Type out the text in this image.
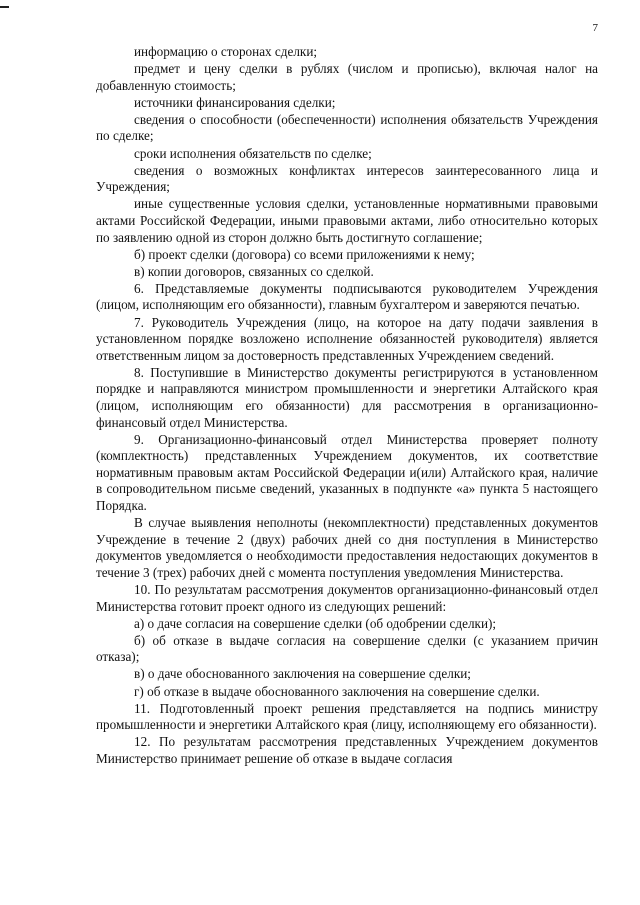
7

информацию о сторонах сделки;

предмет и цену сделки в рублях (числом и прописью), включая налог на добавленную стоимость;

источники финансирования сделки;

сведения о способности (обеспеченности) исполнения обязательств Учреждения по сделке;

сроки исполнения обязательств по сделке;

сведения о возможных конфликтах интересов заинтересованного лица и Учреждения;

иные существенные условия сделки, установленные нормативными правовыми актами Российской Федерации, иными правовыми актами, либо относительно которых по заявлению одной из сторон должно быть достигнуто соглашение;

б) проект сделки (договора) со всеми приложениями к нему;

в) копии договоров, связанных со сделкой.

6. Представляемые документы подписываются руководителем Учреждения (лицом, исполняющим его обязанности), главным бухгалтером и заверяются печатью.

7. Руководитель Учреждения (лицо, на которое на дату подачи заявления в установленном порядке возложено исполнение обязанностей руководителя) является ответственным лицом за достоверность представленных Учреждением сведений.

8. Поступившие в Министерство документы регистрируются в установленном порядке и направляются министром промышленности и энергетики Алтайского края (лицом, исполняющим его обязанности) для рассмотрения в организационно-финансовый отдел Министерства.

9. Организационно-финансовый отдел Министерства проверяет полноту (комплектность) представленных Учреждением документов, их соответствие нормативным правовым актам Российской Федерации и(или) Алтайского края, наличие в сопроводительном письме сведений, указанных в подпункте «а» пункта 5 настоящего Порядка.

В случае выявления неполноты (некомплектности) представленных документов Учреждение в течение 2 (двух) рабочих дней со дня поступления в Министерство документов уведомляется о необходимости предоставления недостающих документов в течение 3 (трех) рабочих дней с момента поступления уведомления Министерства.

10. По результатам рассмотрения документов организационно-финансовый отдел Министерства готовит проект одного из следующих решений:

а) о даче согласия на совершение сделки (об одобрении сделки);

б) об отказе в выдаче согласия на совершение сделки (с указанием причин отказа);

в) о даче обоснованного заключения на совершение сделки;

г) об отказе в выдаче обоснованного заключения на совершение сделки.

11. Подготовленный проект решения представляется на подпись министру промышленности и энергетики Алтайского края (лицу, исполняющему его обязанности).

12. По результатам рассмотрения представленных Учреждением документов Министерство принимает решение об отказе в выдаче согласия
